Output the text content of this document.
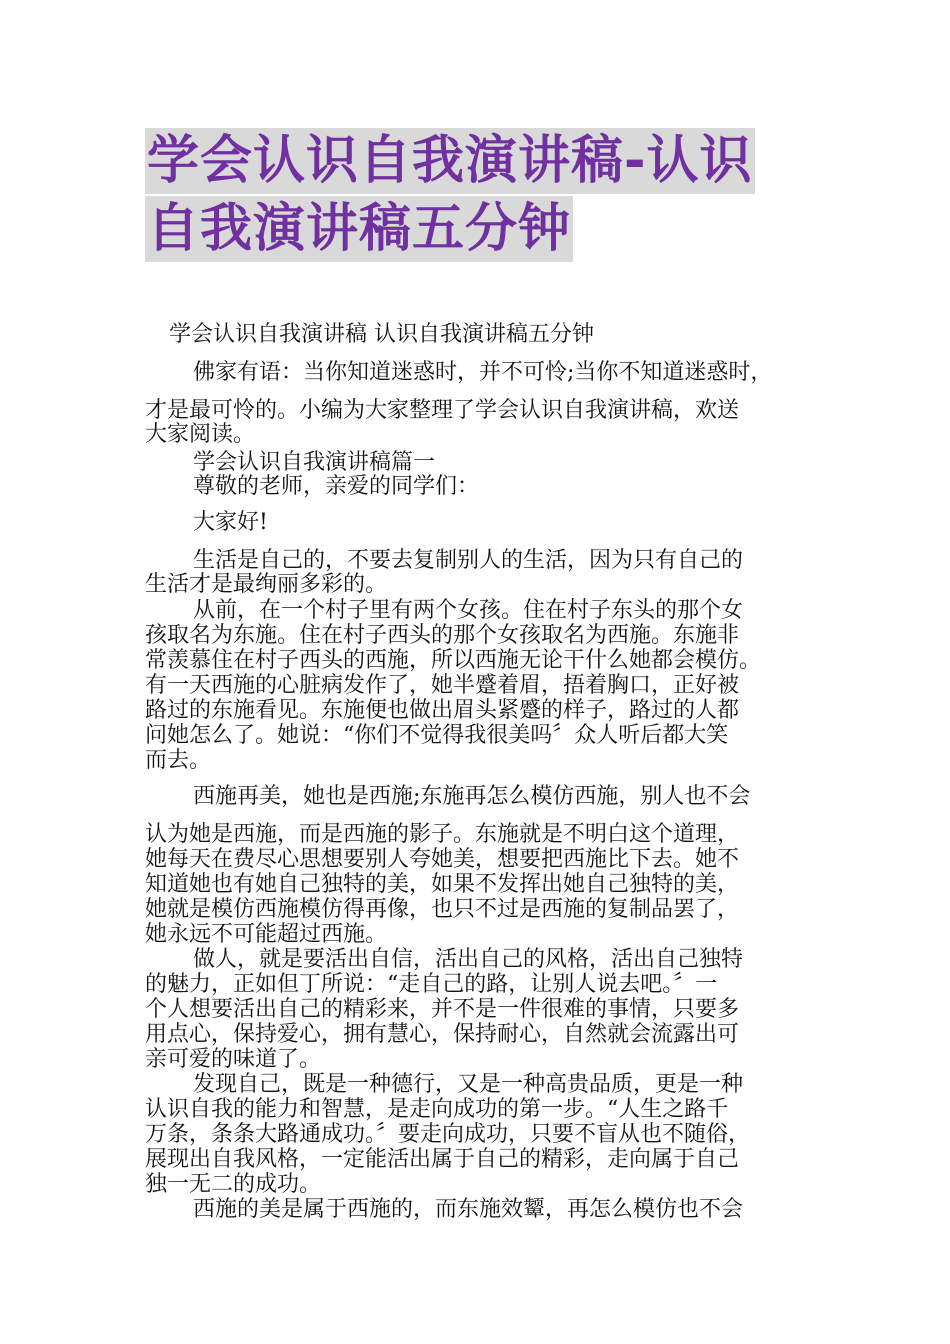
学会认识自我演讲稿-认识
自我演讲稿五分钟
学会认识自我演讲稿 认识自我演讲稿五分钟
佛家有语：当你知道迷惑时，并不可怜;当你不知道迷惑时，
才是最可怜的。小编为大家整理了学会认识自我演讲稿，欢送
大家阅读。
学会认识自我演讲稿篇一
尊敬的老师，亲爱的同学们：
大家好!
生活是自己的，不要去复制别人的生活，因为只有自己的
生活才是最绚丽多彩的。
从前，在一个村子里有两个女孩。住在村子东头的那个女
孩取名为东施。住在村子西头的那个女孩取名为西施。东施非
常羡慕住在村子西头的西施，所以西施无论干什么她都会模仿。
有一天西施的心脏病发作了，她半蹙着眉，捂着胸口，正好被
路过的东施看见。东施便也做出眉头紧蹙的样子，路过的人都
问她怎么了。她说：“你们不觉得我很美吗〞众人听后都大笑
而去。
西施再美，她也是西施;东施再怎么模仿西施，别人也不会
认为她是西施，而是西施的影子。东施就是不明白这个道理，
她每天在费尽心思想要别人夸她美，想要把西施比下去。她不
知道她也有她自己独特的美，如果不发挥出她自己独特的美，
她就是模仿西施模仿得再像，也只不过是西施的复制品罢了，
她永远不可能超过西施。
做人，就是要活出自信，活出自己的风格，活出自己独特
的魅力，正如但丁所说：“走自己的路，让别人说去吧。〞一
个人想要活出自己的精彩来，并不是一件很难的事情，只要多
用点心，保持爱心，拥有慧心，保持耐心，自然就会流露出可
亲可爱的味道了。
发现自己，既是一种德行，又是一种高贵品质，更是一种
认识自我的能力和智慧，是走向成功的第一步。“人生之路千
万条，条条大路通成功。〞要走向成功，只要不盲从也不随俗，
展现出自我风格，一定能活出属于自己的精彩，走向属于自己
独一无二的成功。
西施的美是属于西施的，而东施效颦，再怎么模仿也不会
